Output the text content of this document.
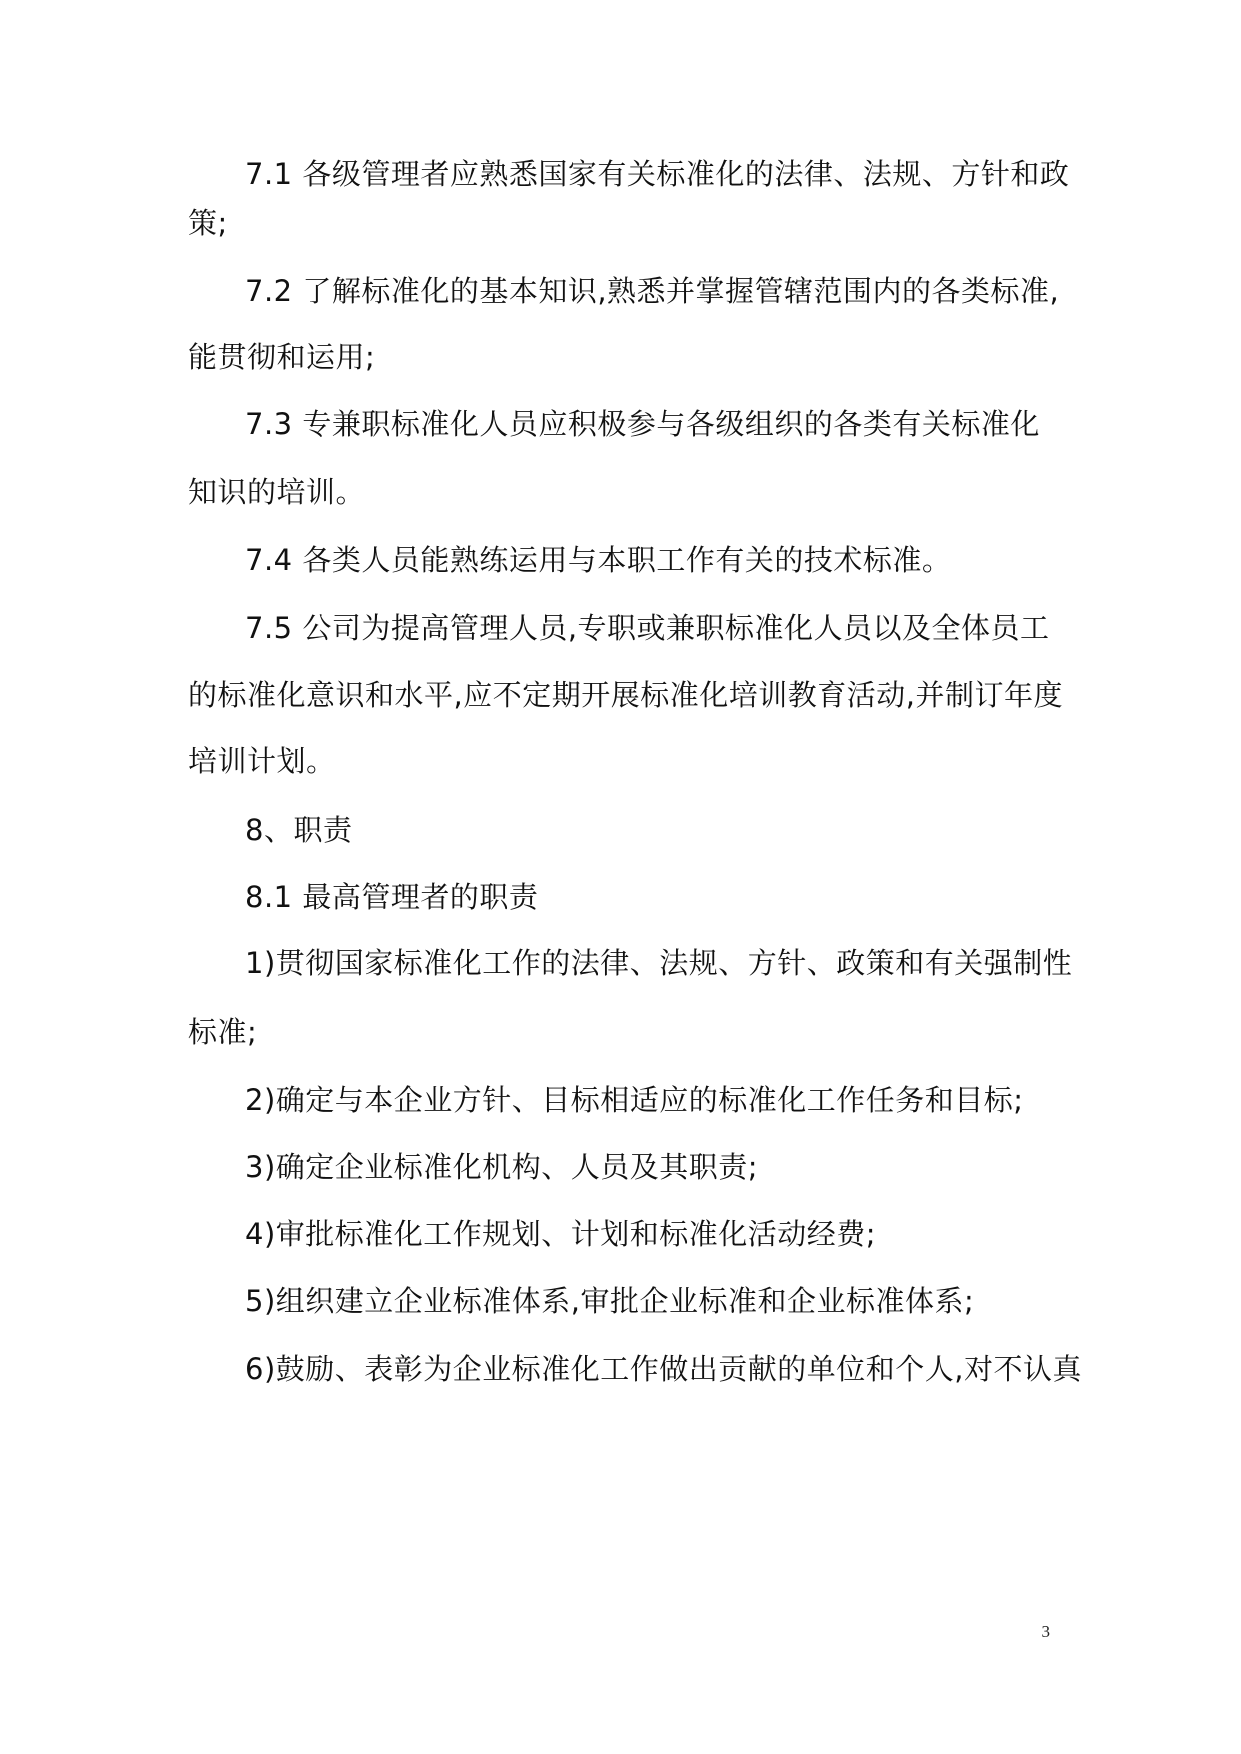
7.1 各级管理者应熟悉国家有关标准化的法律、法规、方针和政
策;
7.2 了解标准化的基本知识,熟悉并掌握管辖范围内的各类标准,
能贯彻和运用;
7.3 专兼职标准化人员应积极参与各级组织的各类有关标准化
知识的培训。
7.4 各类人员能熟练运用与本职工作有关的技术标准。
7.5 公司为提高管理人员,专职或兼职标准化人员以及全体员工
的标准化意识和水平,应不定期开展标准化培训教育活动,并制订年度
培训计划。
8、职责
8.1 最高管理者的职责
1)贯彻国家标准化工作的法律、法规、方针、政策和有关强制性
标准;
2)确定与本企业方针、目标相适应的标准化工作任务和目标;
3)确定企业标准化机构、人员及其职责;
4)审批标准化工作规划、计划和标准化活动经费;
5)组织建立企业标准体系,审批企业标准和企业标准体系;
6)鼓励、表彰为企业标准化工作做出贡献的单位和个人,对不认真
3
